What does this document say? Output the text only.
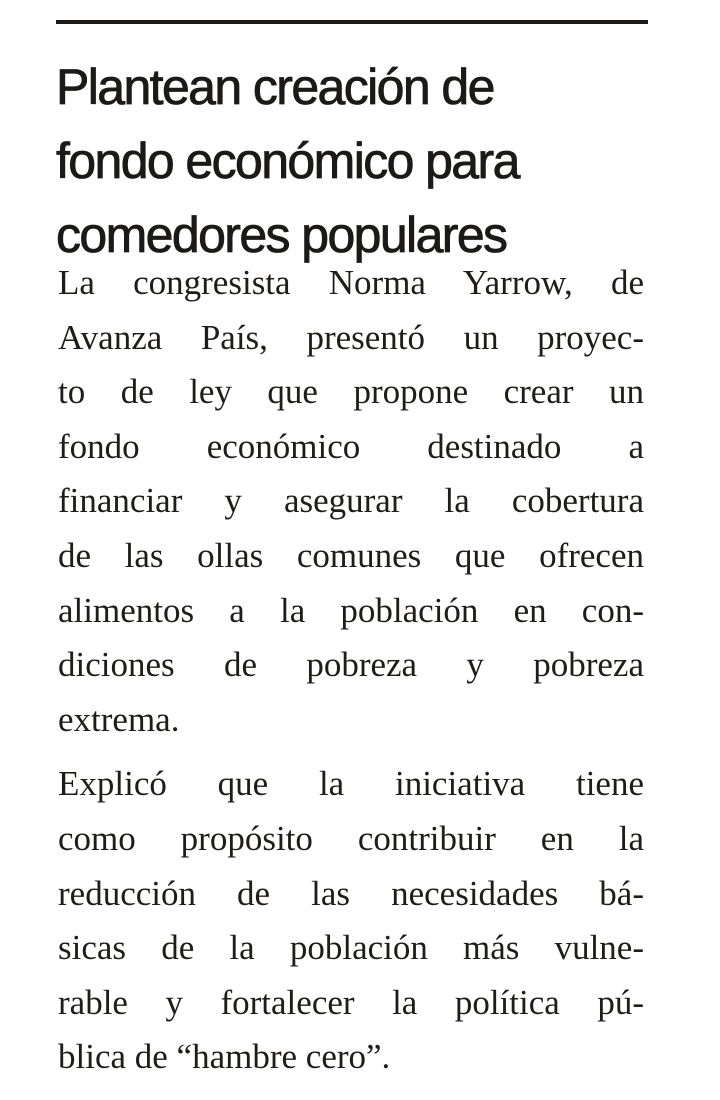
Plantean creación de
fondo económico para
comedores populares

La congresista Norma Yarrow, de
Avanza País, presentó un proyec-
to de ley que propone crear un
fondo económico destinado a
financiar y asegurar la cobertura
de las ollas comunes que ofrecen
alimentos a la población en con-
diciones de pobreza y pobreza
extrema.

Explicó que la iniciativa tiene
como propósito contribuir en la
reducción de las necesidades bá-
sicas de la población más vulne-
rable y fortalecer la política pú-
blica de “hambre cero”.
